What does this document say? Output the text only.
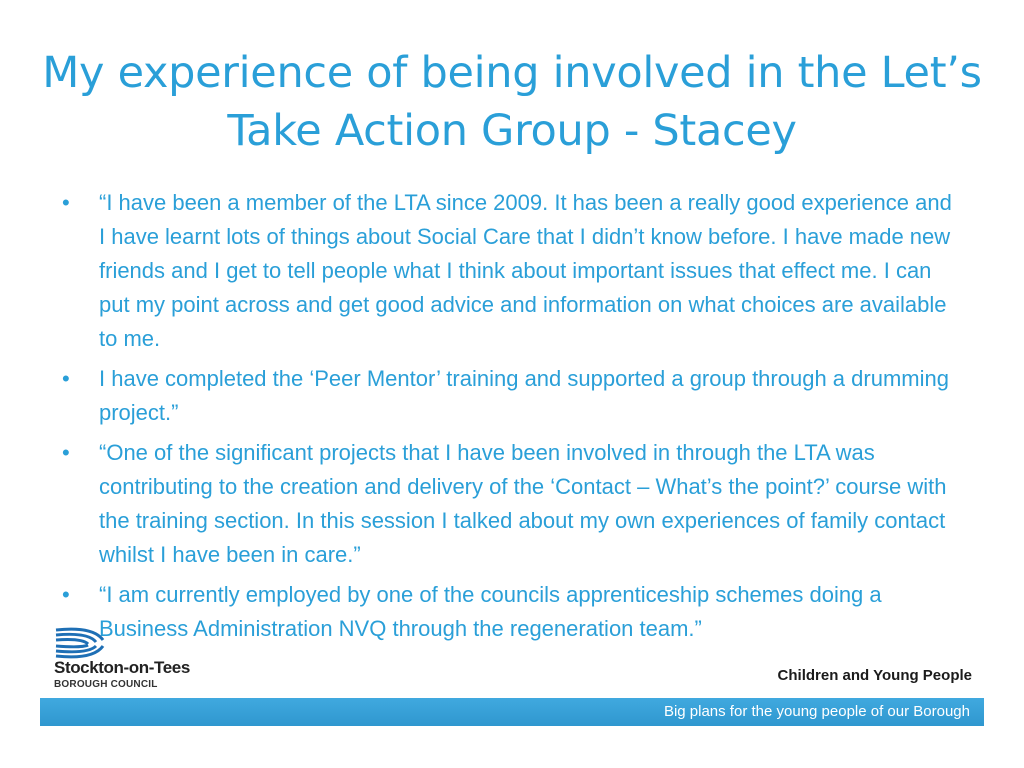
My experience of being involved in the Let’s Take Action Group - Stacey
• “I have been a member of the LTA since 2009. It has been a really good experience and I have learnt lots of things about Social Care that I didn’t know before. I have made new friends and I get to tell people what I think about important issues that effect me. I can put my point across and get good advice and information on what choices are available to me.
• I have completed the ‘Peer Mentor’ training and supported a group through a drumming project.”
• “One of the significant projects that I have been involved in through the LTA was contributing to the creation and delivery of the ‘Contact – What’s the point?’ course with the training section. In this session I talked about my own experiences of family contact whilst I have been in care.”
• “I am currently employed by one of the councils apprenticeship schemes doing a Business Administration NVQ through the regeneration team.”
Stockton-on-Tees
BOROUGH COUNCIL
Children and Young People
Big plans for the young people of our Borough
